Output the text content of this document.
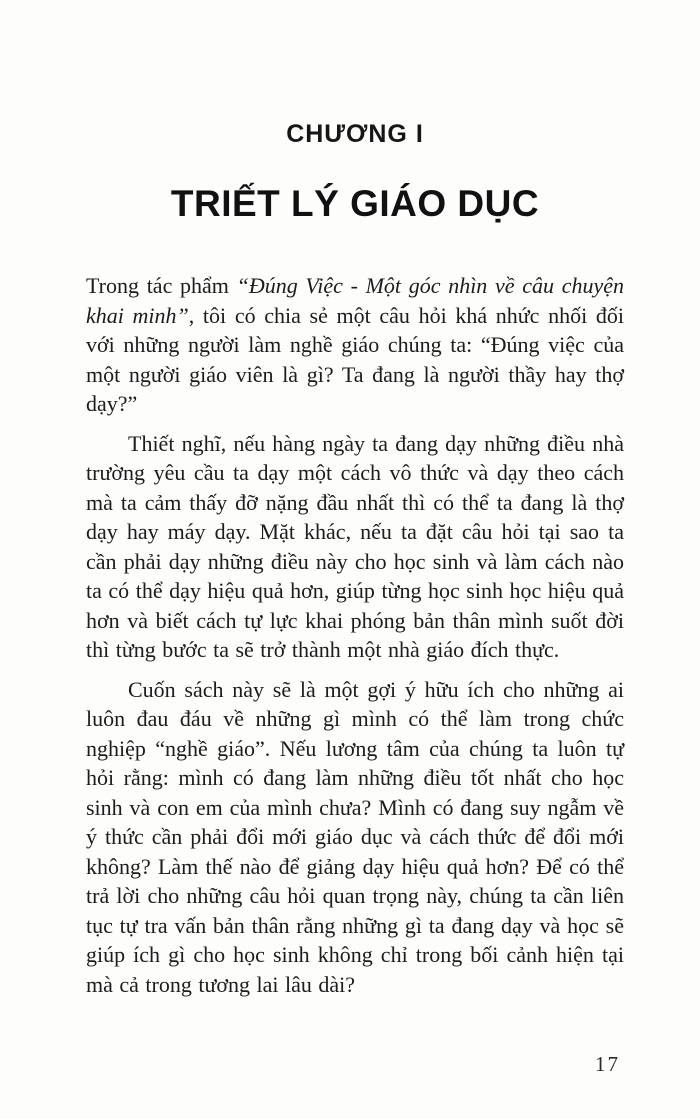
CHƯƠNG I
TRIẾT LÝ GIÁO DỤC

Trong tác phẩm “Đúng Việc - Một góc nhìn về câu chuyện khai minh”, tôi có chia sẻ một câu hỏi khá nhức nhối đối với những người làm nghề giáo chúng ta: “Đúng việc của một người giáo viên là gì? Ta đang là người thầy hay thợ dạy?”

Thiết nghĩ, nếu hàng ngày ta đang dạy những điều nhà trường yêu cầu ta dạy một cách vô thức và dạy theo cách mà ta cảm thấy đỡ nặng đầu nhất thì có thể ta đang là thợ dạy hay máy dạy. Mặt khác, nếu ta đặt câu hỏi tại sao ta cần phải dạy những điều này cho học sinh và làm cách nào ta có thể dạy hiệu quả hơn, giúp từng học sinh học hiệu quả hơn và biết cách tự lực khai phóng bản thân mình suốt đời thì từng bước ta sẽ trở thành một nhà giáo đích thực.

Cuốn sách này sẽ là một gợi ý hữu ích cho những ai luôn đau đáu về những gì mình có thể làm trong chức nghiệp “nghề giáo”. Nếu lương tâm của chúng ta luôn tự hỏi rằng: mình có đang làm những điều tốt nhất cho học sinh và con em của mình chưa? Mình có đang suy ngẫm về ý thức cần phải đổi mới giáo dục và cách thức để đổi mới không? Làm thế nào để giảng dạy hiệu quả hơn? Để có thể trả lời cho những câu hỏi quan trọng này, chúng ta cần liên tục tự tra vấn bản thân rằng những gì ta đang dạy và học sẽ giúp ích gì cho học sinh không chỉ trong bối cảnh hiện tại mà cả trong tương lai lâu dài?

17
